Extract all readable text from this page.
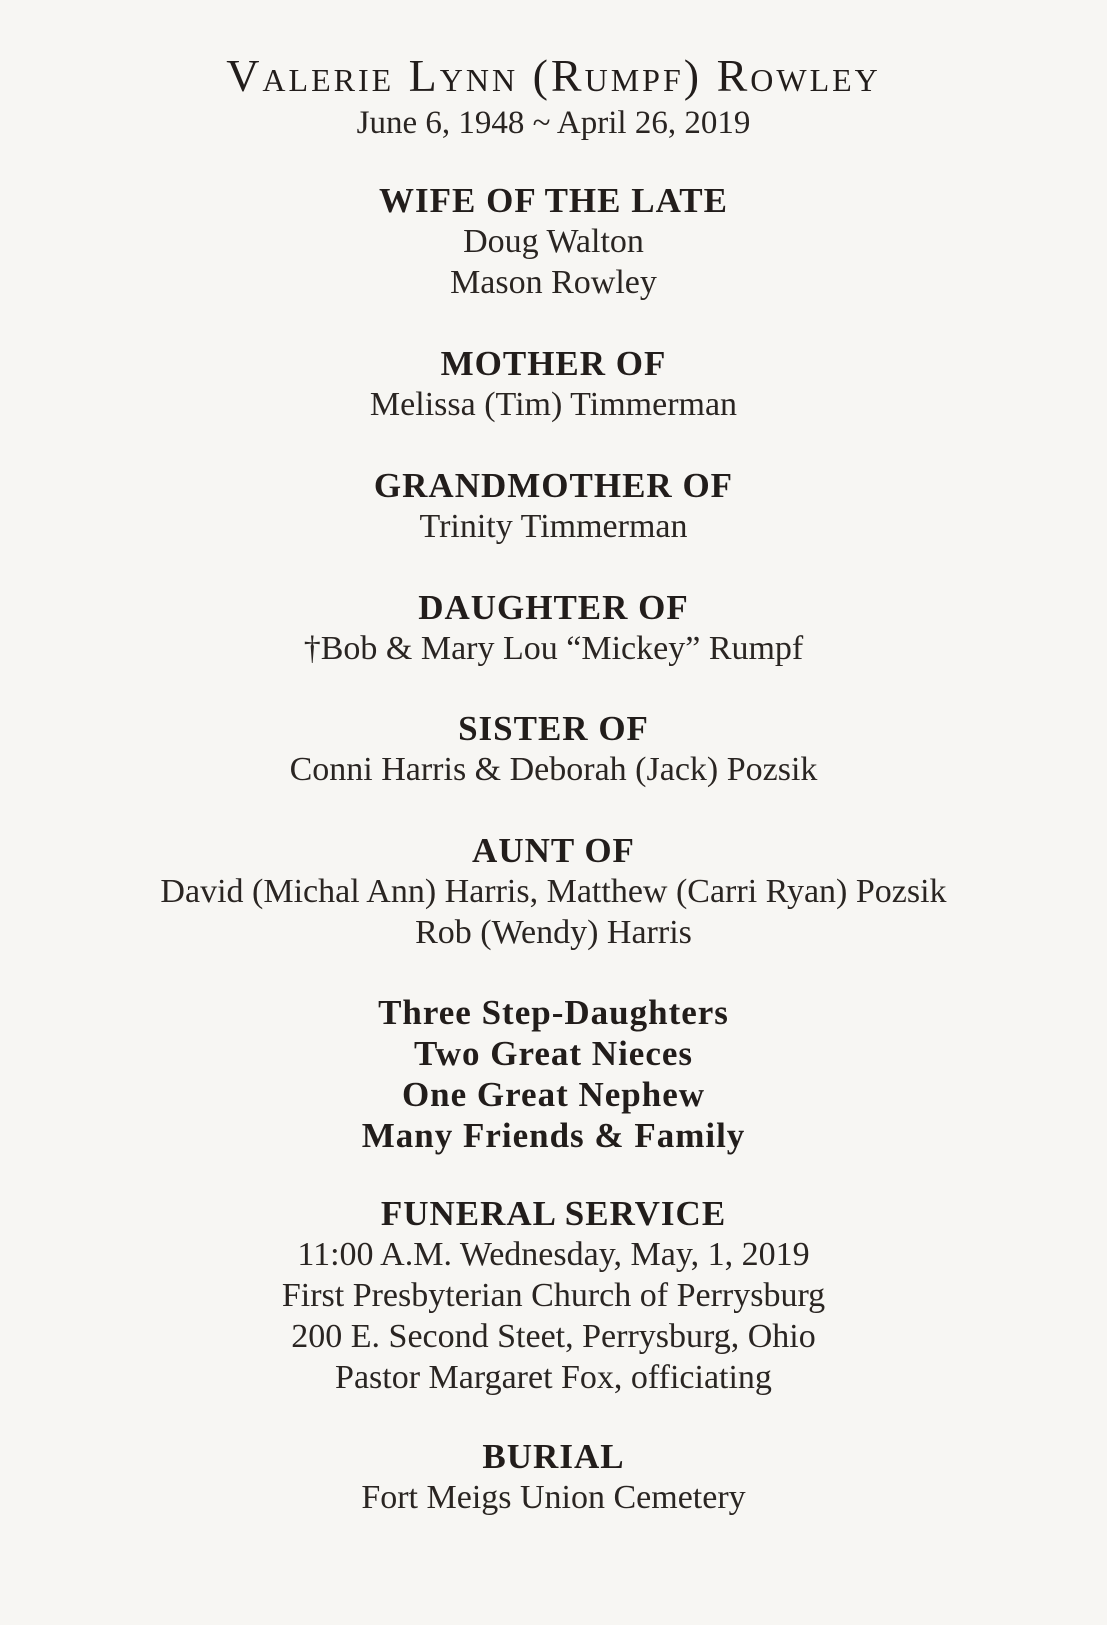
Valerie Lynn (Rumpf) Rowley
June 6, 1948 ~ April 26, 2019
WIFE OF THE LATE
Doug Walton
Mason Rowley
MOTHER OF
Melissa (Tim) Timmerman
GRANDMOTHER OF
Trinity Timmerman
DAUGHTER OF
†Bob & Mary Lou “Mickey” Rumpf
SISTER OF
Conni Harris & Deborah (Jack) Pozsik
AUNT OF
David (Michal Ann) Harris, Matthew (Carri Ryan) Pozsik
Rob (Wendy) Harris
Three Step-Daughters
Two Great Nieces
One Great Nephew
Many Friends & Family
FUNERAL SERVICE
11:00 A.M. Wednesday, May, 1, 2019
First Presbyterian Church of Perrysburg
200 E. Second Steet, Perrysburg, Ohio
Pastor Margaret Fox, officiating
BURIAL
Fort Meigs Union Cemetery
